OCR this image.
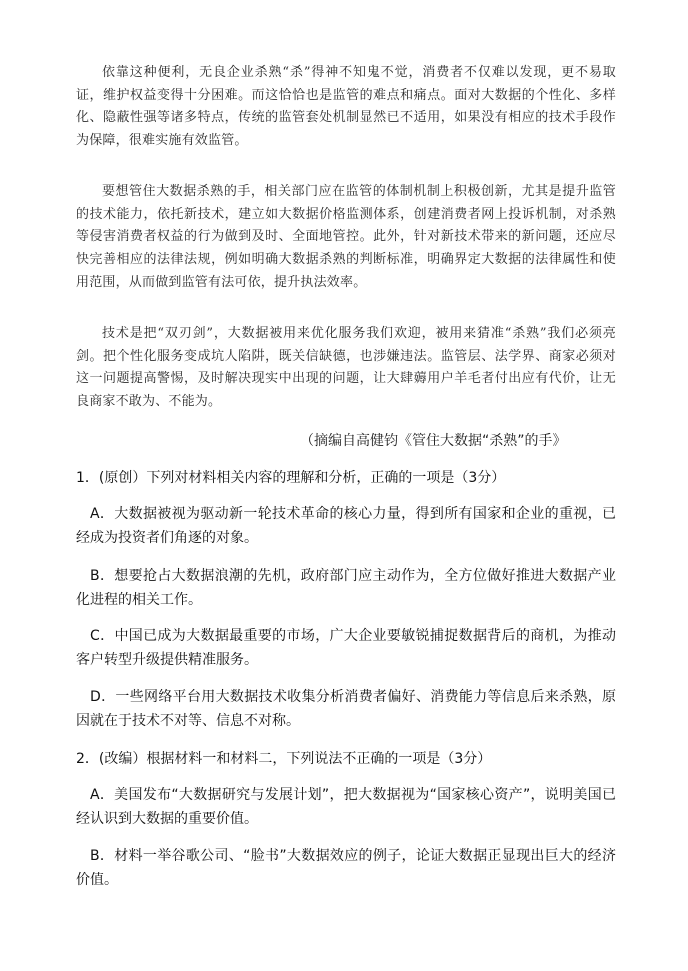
依靠这种便利，无良企业杀熟“杀”得神不知鬼不觉，消费者不仅难以发现，更不易取证，维护权益变得十分困难。而这恰恰也是监管的难点和痛点。面对大数据的个性化、多样化、隐蔽性强等诸多特点，传统的监管套处机制显然已不适用，如果没有相应的技术手段作为保障，很难实施有效监管。

要想管住大数据杀熟的手，相关部门应在监管的体制机制上积极创新，尤其是提升监管的技术能力，依托新技术，建立如大数据价格监测体系，创建消费者网上投诉机制，对杀熟等侵害消费者权益的行为做到及时、全面地管控。此外，针对新技术带来的新问题，还应尽快完善相应的法律法规，例如明确大数据杀熟的判断标准，明确界定大数据的法律属性和使用范围，从而做到监管有法可依，提升执法效率。

技术是把“双刃剑”，大数据被用来优化服务我们欢迎，被用来猜准“杀熟”我们必须亮剑。把个性化服务变成坑人陷阱，既关信缺德，也涉嫌违法。监管层、法学界、商家必须对这一问题提高警惕，及时解决现实中出现的问题，让大肆薅用户羊毛者付出应有代价，让无良商家不敢为、不能为。

（摘编自高健钧《管住大数据“杀熟”的手》
1．(原创）下列对材料相关内容的理解和分析，正确的一项是（3分）
A．大数据被视为驱动新一轮技术革命的核心力量，得到所有国家和企业的重视，已经成为投资者们角逐的对象。
B．想要抢占大数据浪潮的先机，政府部门应主动作为，全方位做好推进大数据产业化进程的相关工作。
C．中国已成为大数据最重要的市场，广大企业要敏锐捕捉数据背后的商机，为推动客户转型升级提供精准服务。
D．一些网络平台用大数据技术收集分析消费者偏好、消费能力等信息后来杀熟，原因就在于技术不对等、信息不对称。
2．(改编）根据材料一和材料二，下列说法不正确的一项是（3分）
A．美国发布“大数据研究与发展计划”，把大数据视为“国家核心资产”，说明美国已经认识到大数据的重要价值。
B．材料一举谷歌公司、“脸书”大数据效应的例子，论证大数据正显现出巨大的经济价值。
